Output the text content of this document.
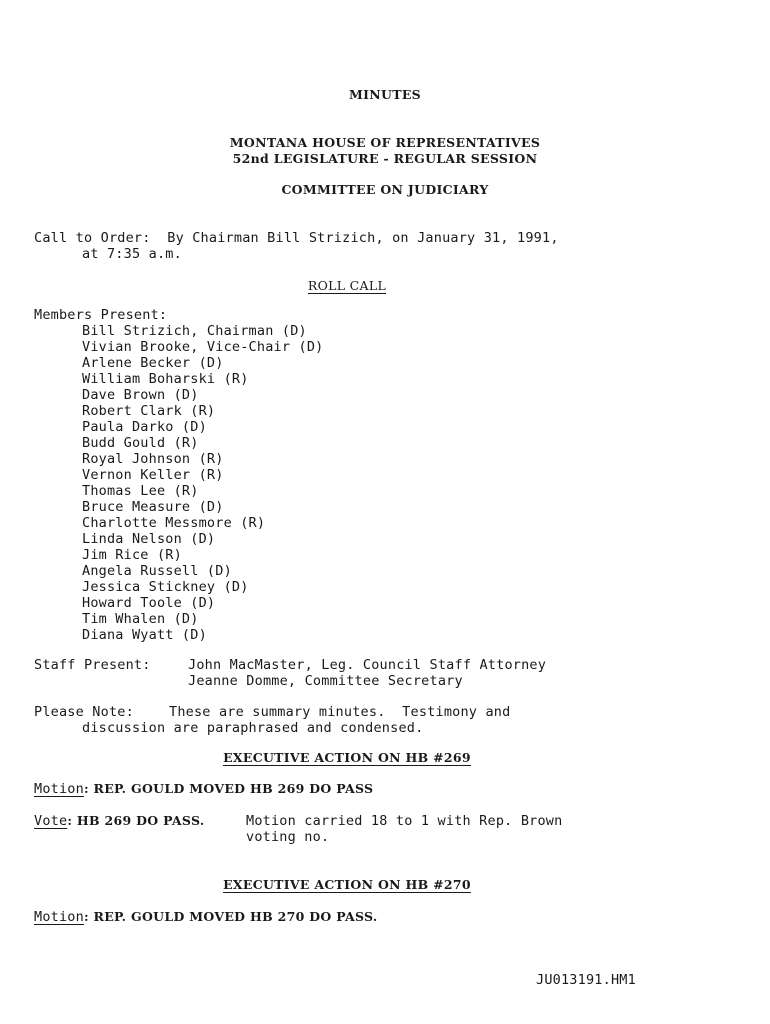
MINUTES
MONTANA HOUSE OF REPRESENTATIVES
52nd LEGISLATURE - REGULAR SESSION
COMMITTEE ON JUDICIARY
Call to Order: By Chairman Bill Strizich, on January 31, 1991,
at 7:35 a.m.
ROLL CALL
Members Present:
Bill Strizich, Chairman (D)
Vivian Brooke, Vice-Chair (D)
Arlene Becker (D)
William Boharski (R)
Dave Brown (D)
Robert Clark (R)
Paula Darko (D)
Budd Gould (R)
Royal Johnson (R)
Vernon Keller (R)
Thomas Lee (R)
Bruce Measure (D)
Charlotte Messmore (R)
Linda Nelson (D)
Jim Rice (R)
Angela Russell (D)
Jessica Stickney (D)
Howard Toole (D)
Tim Whalen (D)
Diana Wyatt (D)
Staff Present:	John MacMaster, Leg. Council Staff Attorney
Jeanne Domme, Committee Secretary
Please Note:	These are summary minutes.  Testimony and
discussion are paraphrased and condensed.
EXECUTIVE ACTION ON HB #269
Motion: REP. GOULD MOVED HB 269 DO PASS
Vote: HB 269 DO PASS.	Motion carried 18 to 1 with Rep. Brown
voting no.
EXECUTIVE ACTION ON HB #270
Motion: REP. GOULD MOVED HB 270 DO PASS.
JU013191.HM1
